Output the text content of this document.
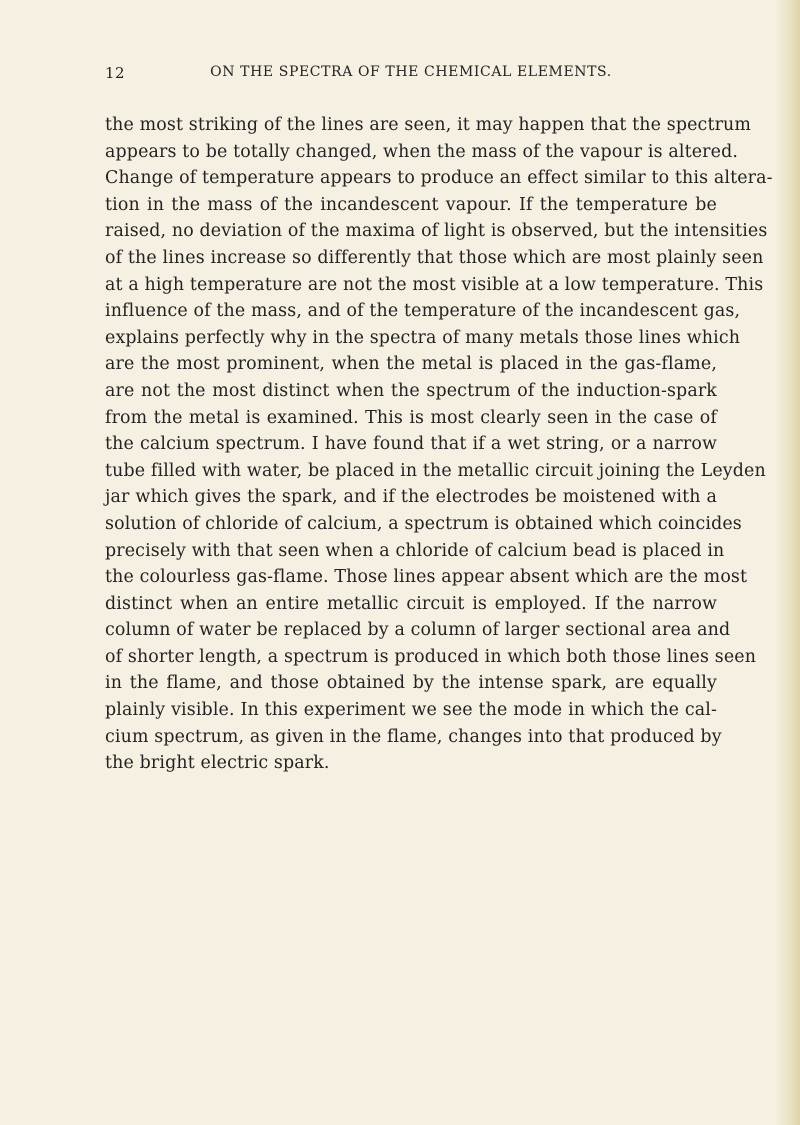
12	ON THE SPECTRA OF THE CHEMICAL ELEMENTS.
the most striking of the lines are seen, it may happen that the spectrum
appears to be totally changed, when the mass of the vapour is altered.
Change of temperature appears to produce an effect similar to this altera-
tion in the mass of the incandescent vapour. If the temperature be
raised, no deviation of the maxima of light is observed, but the intensities
of the lines increase so differently that those which are most plainly seen
at a high temperature are not the most visible at a low temperature. This
influence of the mass, and of the temperature of the incandescent gas,
explains perfectly why in the spectra of many metals those lines which
are the most prominent, when the metal is placed in the gas-flame,
are not the most distinct when the spectrum of the induction-spark
from the metal is examined. This is most clearly seen in the case of
the calcium spectrum. I have found that if a wet string, or a narrow
tube filled with water, be placed in the metallic circuit joining the Leyden
jar which gives the spark, and if the electrodes be moistened with a
solution of chloride of calcium, a spectrum is obtained which coincides
precisely with that seen when a chloride of calcium bead is placed in
the colourless gas-flame. Those lines appear absent which are the most
distinct when an entire metallic circuit is employed. If the narrow
column of water be replaced by a column of larger sectional area and
of shorter length, a spectrum is produced in which both those lines seen
in the flame, and those obtained by the intense spark, are equally
plainly visible. In this experiment we see the mode in which the cal-
cium spectrum, as given in the flame, changes into that produced by
the bright electric spark.
